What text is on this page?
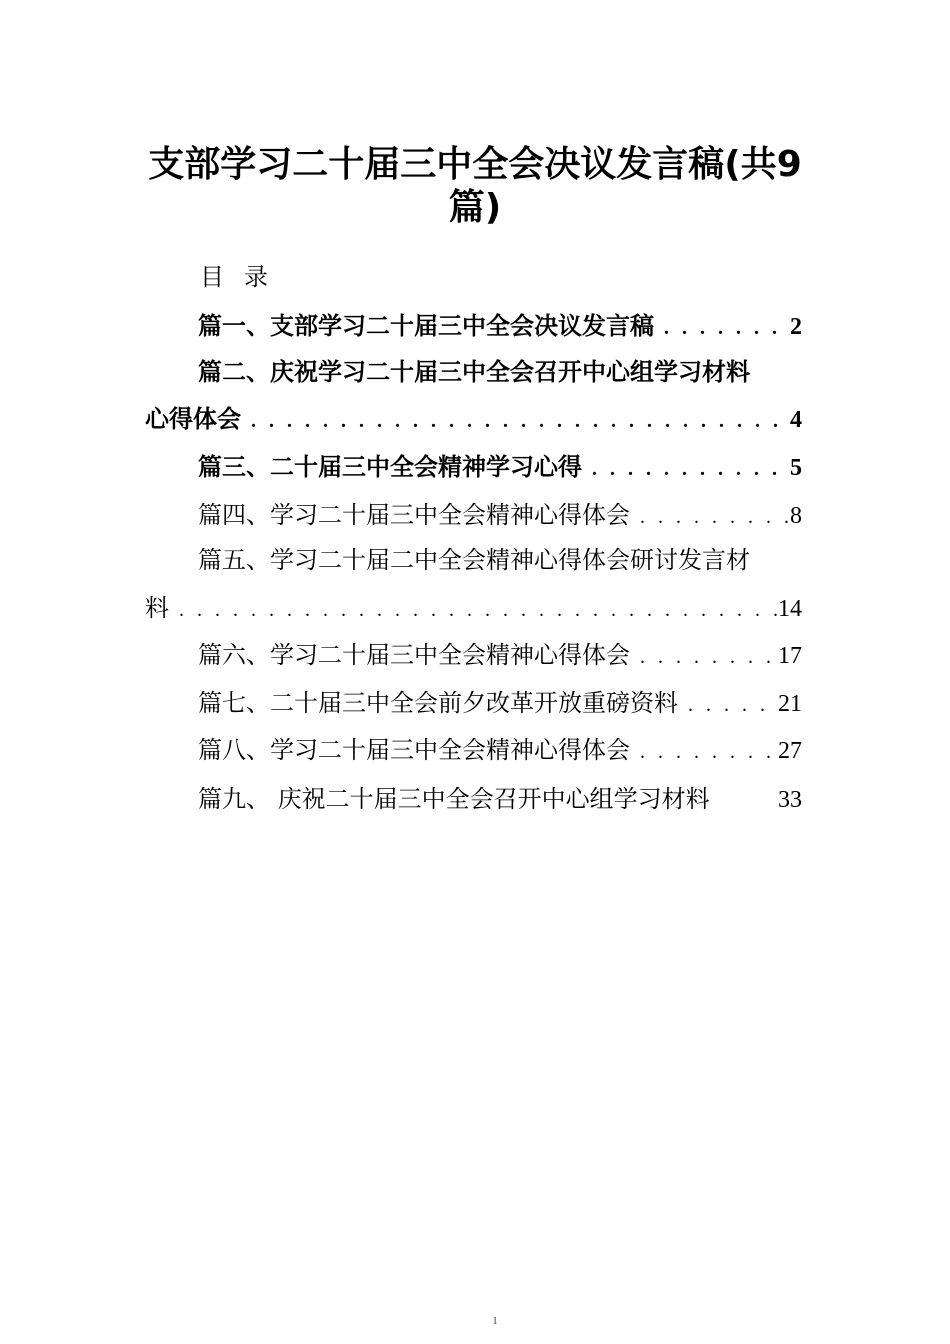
支部学习二十届三中全会决议发言稿(共9
篇)
目录
篇一、支部学习二十届三中全会决议发言稿 . . .	2
篇二、庆祝学习二十届三中全会召开中心组学习材料
心得体会 . . .	4
篇三、二十届三中全会精神学习心得 . . .	5
篇四、学习二十届三中全会精神心得体会 . . .	8
篇五、学习二十届二中全会精神心得体会研讨发言材
料 . . .	14
篇六、学习二十届三中全会精神心得体会 . . .	17
篇七、二十届三中全会前夕改革开放重磅资料 . . .	21
篇八、学习二十届三中全会精神心得体会 . . .	27
篇九、 庆祝二十届三中全会召开中心组学习材料	33
1
